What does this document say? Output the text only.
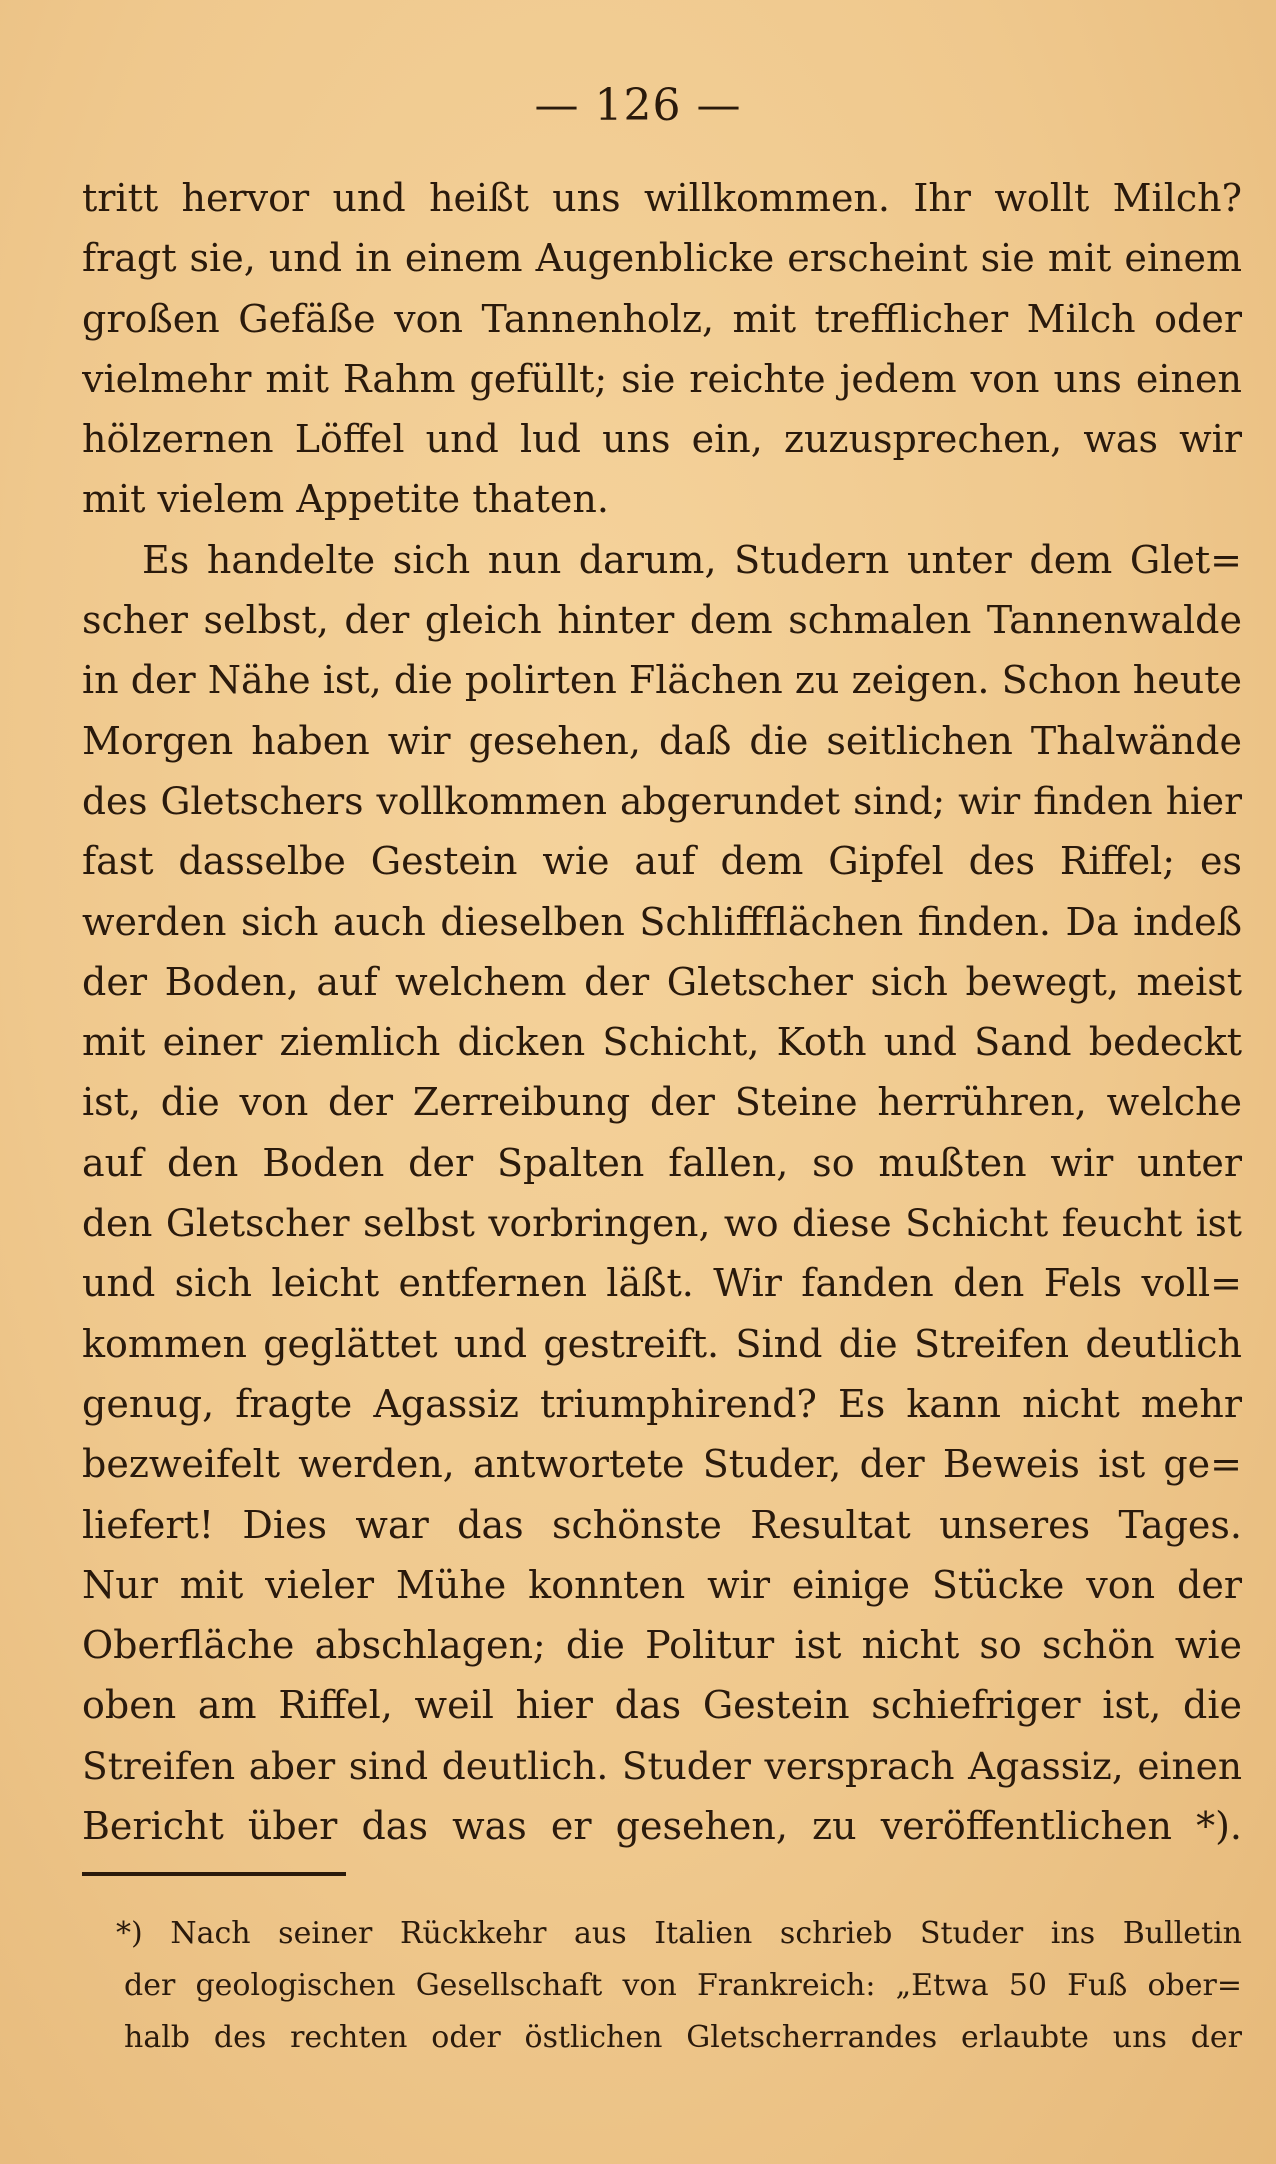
— 126 —
tritt hervor und heißt uns willkommen. Ihr wollt Milch?
fragt sie, und in einem Augenblicke erscheint sie mit einem
großen Gefäße von Tannenholz, mit trefflicher Milch oder
vielmehr mit Rahm gefüllt; sie reichte jedem von uns einen
hölzernen Löffel und lud uns ein, zuzusprechen, was wir
mit vielem Appetite thaten.
Es handelte sich nun darum, Studern unter dem Glet=
scher selbst, der gleich hinter dem schmalen Tannenwalde
in der Nähe ist, die polirten Flächen zu zeigen. Schon heute
Morgen haben wir gesehen, daß die seitlichen Thalwände
des Gletschers vollkommen abgerundet sind; wir finden hier
fast dasselbe Gestein wie auf dem Gipfel des Riffel; es
werden sich auch dieselben Schliffflächen finden. Da indeß
der Boden, auf welchem der Gletscher sich bewegt, meist
mit einer ziemlich dicken Schicht, Koth und Sand bedeckt
ist, die von der Zerreibung der Steine herrühren, welche
auf den Boden der Spalten fallen, so mußten wir unter
den Gletscher selbst vorbringen, wo diese Schicht feucht ist
und sich leicht entfernen läßt. Wir fanden den Fels voll=
kommen geglättet und gestreift. Sind die Streifen deutlich
genug, fragte Agassiz triumphirend? Es kann nicht mehr
bezweifelt werden, antwortete Studer, der Beweis ist ge=
liefert! Dies war das schönste Resultat unseres Tages.
Nur mit vieler Mühe konnten wir einige Stücke von der
Oberfläche abschlagen; die Politur ist nicht so schön wie
oben am Riffel, weil hier das Gestein schiefriger ist, die
Streifen aber sind deutlich. Studer versprach Agassiz, einen
Bericht über das was er gesehen, zu veröffentlichen *).
*) Nach seiner Rückkehr aus Italien schrieb Studer ins Bulletin
der geologischen Gesellschaft von Frankreich: „Etwa 50 Fuß ober=
halb des rechten oder östlichen Gletscherrandes erlaubte uns der
